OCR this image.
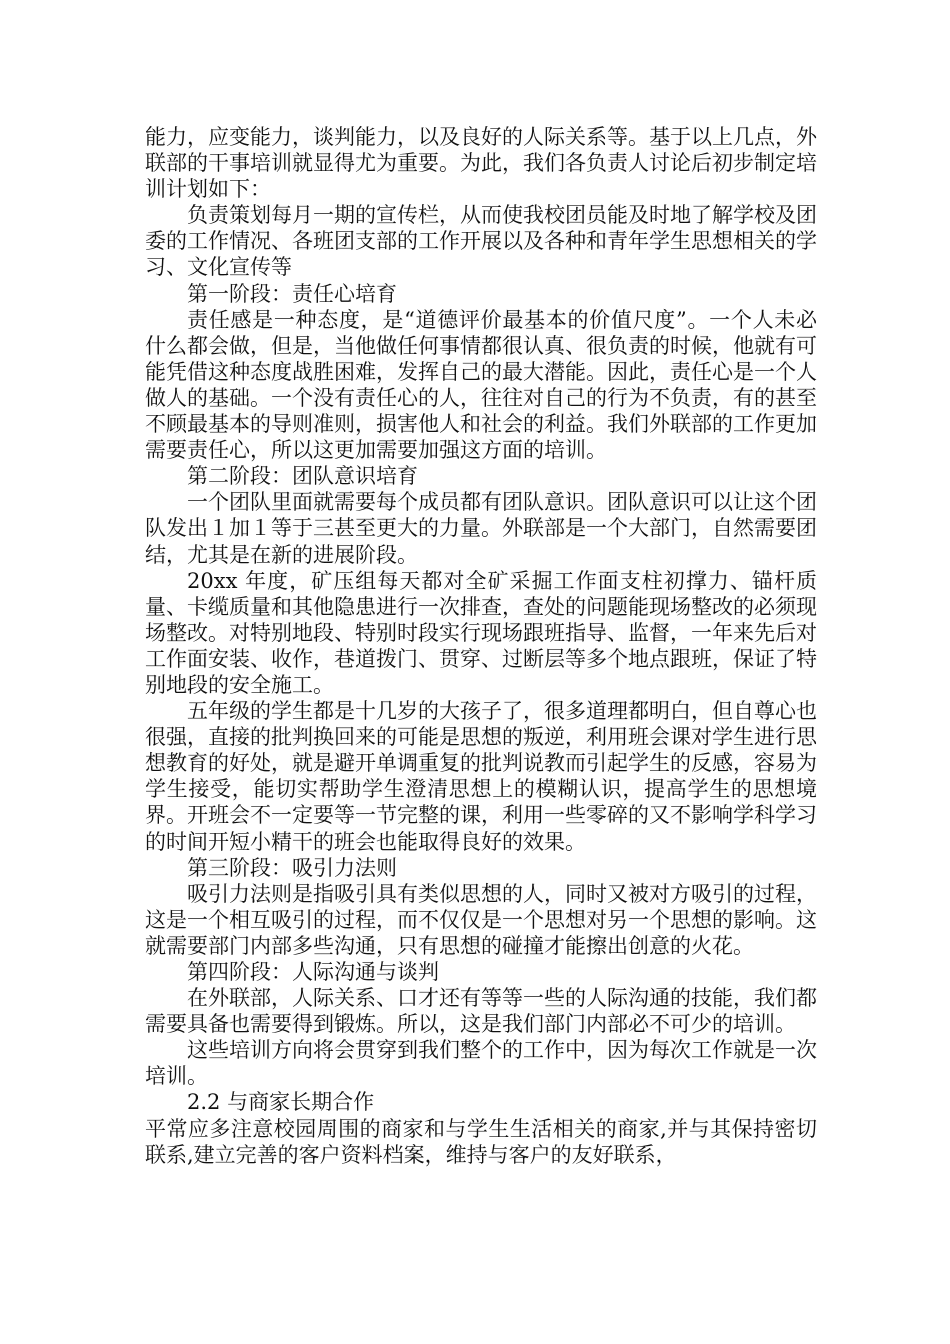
能力，应变能力，谈判能力，以及良好的人际关系等。基于以上几点，外联部的干事培训就显得尤为重要。为此，我们各负责人讨论后初步制定培训计划如下：

负责策划每月一期的宣传栏，从而使我校团员能及时地了解学校及团委的工作情况、各班团支部的工作开展以及各种和青年学生思想相关的学习、文化宣传等

第一阶段：责任心培育

责任感是一种态度，是“道德评价最基本的价值尺度”。一个人未必什么都会做，但是，当他做任何事情都很认真、很负责的时候，他就有可能凭借这种态度战胜困难，发挥自己的最大潜能。因此，责任心是一个人做人的基础。一个没有责任心的人，往往对自己的行为不负责，有的甚至不顾最基本的导则准则，损害他人和社会的利益。我们外联部的工作更加需要责任心，所以这更加需要加强这方面的培训。

第二阶段：团队意识培育

一个团队里面就需要每个成员都有团队意识。团队意识可以让这个团队发出１加１等于三甚至更大的力量。外联部是一个大部门，自然需要团结，尤其是在新的进展阶段。

20xx 年度，矿压组每天都对全矿采掘工作面支柱初撑力、锚杆质量、卡缆质量和其他隐患进行一次排查，查处的问题能现场整改的必须现场整改。对特别地段、特别时段实行现场跟班指导、监督，一年来先后对工作面安装、收作，巷道拨门、贯穿、过断层等多个地点跟班，保证了特别地段的安全施工。

五年级的学生都是十几岁的大孩子了，很多道理都明白，但自尊心也很强，直接的批判换回来的可能是思想的叛逆，利用班会课对学生进行思想教育的好处，就是避开单调重复的批判说教而引起学生的反感，容易为学生接受，能切实帮助学生澄清思想上的模糊认识，提高学生的思想境界。开班会不一定要等一节完整的课，利用一些零碎的又不影响学科学习的时间开短小精干的班会也能取得良好的效果。

第三阶段：吸引力法则

吸引力法则是指吸引具有类似思想的人，同时又被对方吸引的过程，这是一个相互吸引的过程，而不仅仅是一个思想对另一个思想的影响。这就需要部门内部多些沟通，只有思想的碰撞才能擦出创意的火花。

第四阶段：人际沟通与谈判

在外联部，人际关系、口才还有等等一些的人际沟通的技能，我们都需要具备也需要得到锻炼。所以，这是我们部门内部必不可少的培训。

这些培训方向将会贯穿到我们整个的工作中，因为每次工作就是一次培训。

2.2 与商家长期合作

平常应多注意校园周围的商家和与学生生活相关的商家,并与其保持密切联系,建立完善的客户资料档案，维持与客户的友好联系，
